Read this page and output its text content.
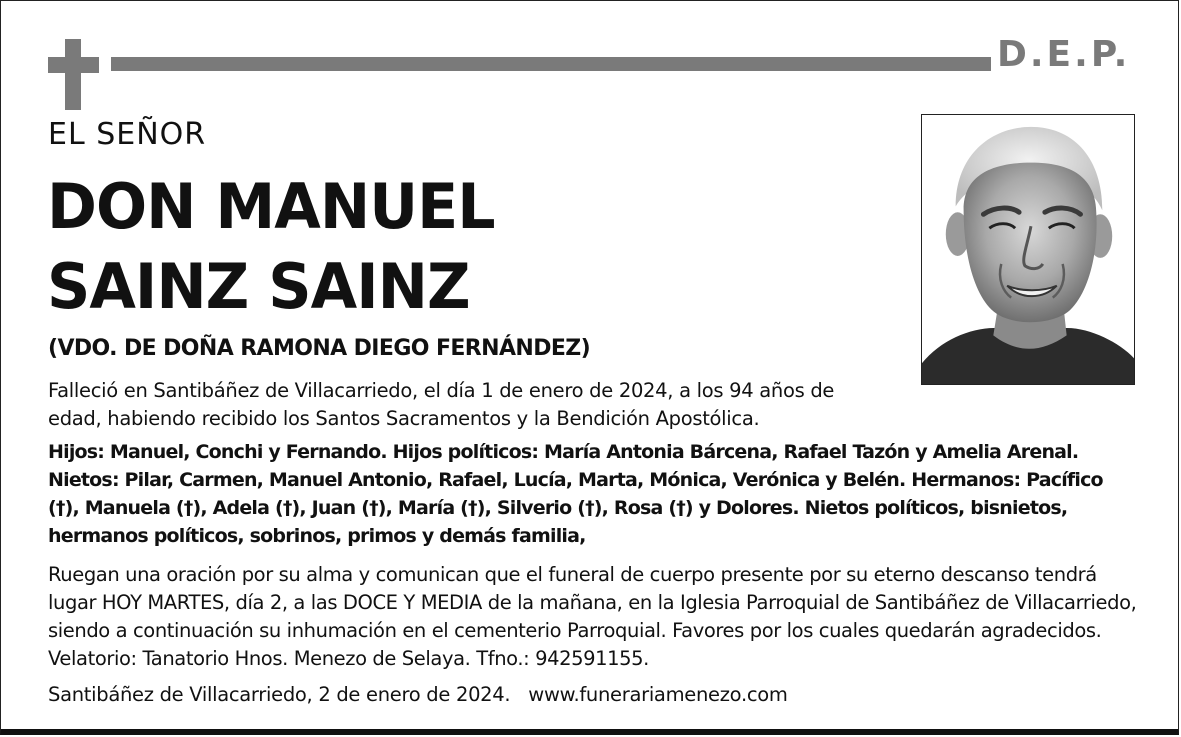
D.E.P.
EL SEÑOR
DON MANUEL
SAINZ SAINZ
(VDO. DE DOÑA RAMONA DIEGO FERNÁNDEZ)
Falleció en Santibáñez de Villacarriedo, el día 1 de enero de 2024, a los 94 años de edad, habiendo recibido los Santos Sacramentos y la Bendición Apostólica.
Hijos: Manuel, Conchi y Fernando. Hijos políticos: María Antonia Bárcena, Rafael Tazón y Amelia Arenal. Nietos: Pilar, Carmen, Manuel Antonio, Rafael, Lucía, Marta, Mónica, Verónica y Belén. Hermanos: Pacífico (†), Manuela (†), Adela (†), Juan (†), María (†), Silverio (†), Rosa (†) y Dolores. Nietos políticos, bisnietos, hermanos políticos, sobrinos, primos y demás familia,
Ruegan una oración por su alma y comunican que el funeral de cuerpo presente por su eterno descanso tendrá lugar HOY MARTES, día 2, a las DOCE Y MEDIA de la mañana, en la Iglesia Parroquial de Santibáñez de Villacarriedo, siendo a continuación su inhumación en el cementerio Parroquial. Favores por los cuales quedarán agradecidos. Velatorio: Tanatorio Hnos. Menezo de Selaya. Tfno.: 942591155.
Santibáñez de Villacarriedo, 2 de enero de 2024. www.funerariamenezo.com
